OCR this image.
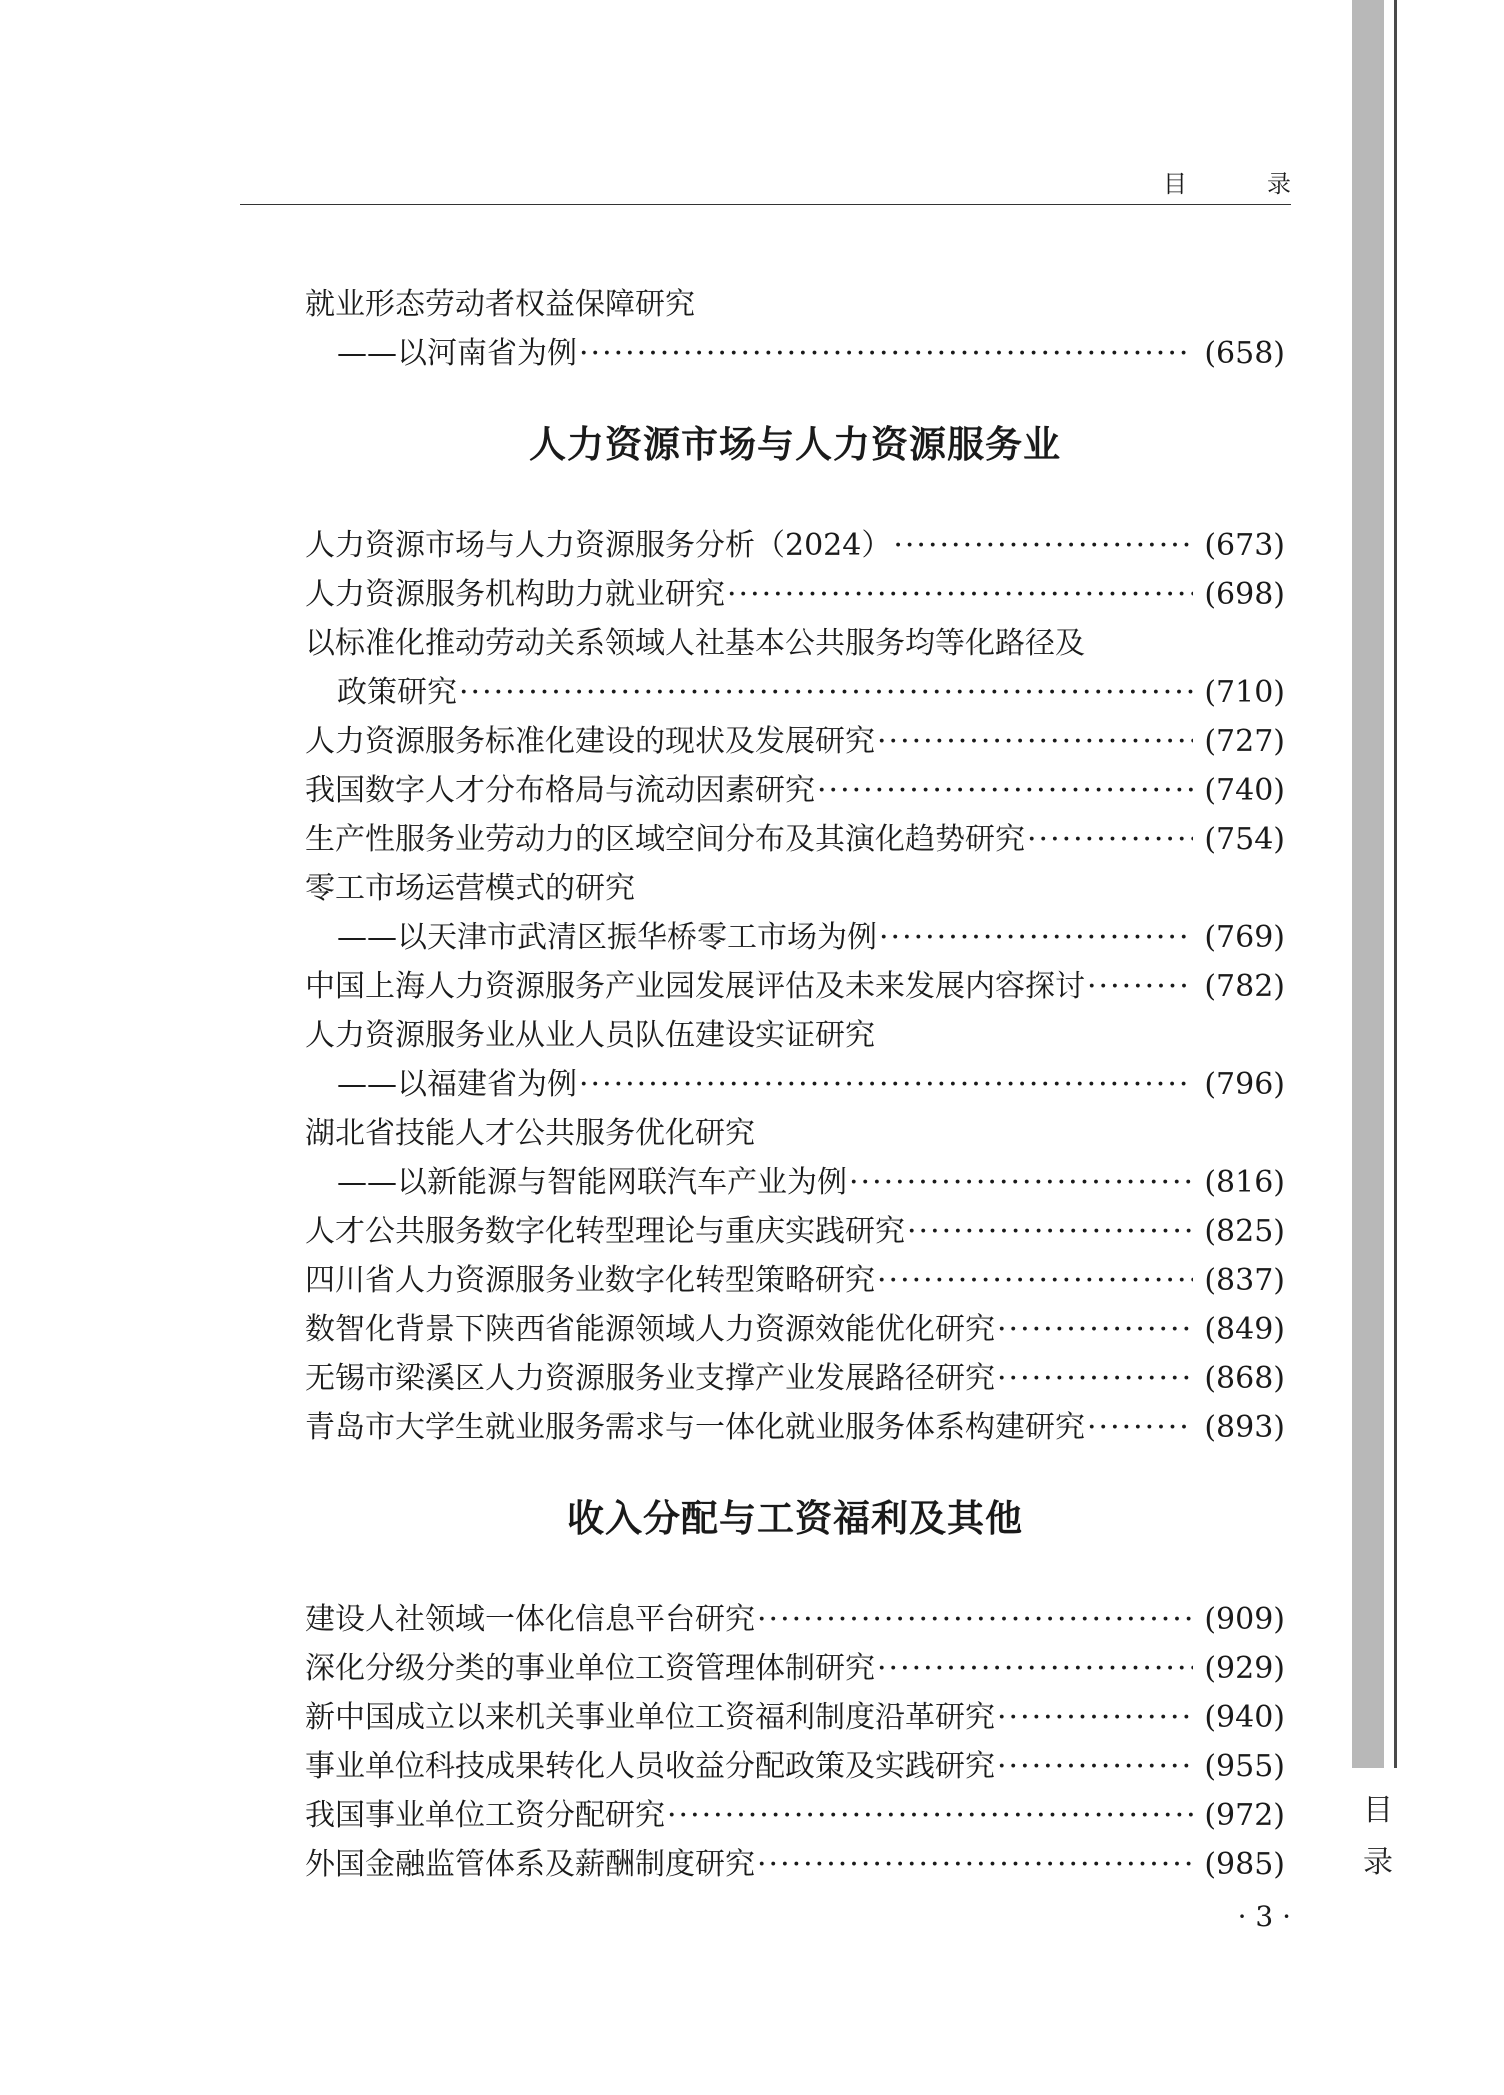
目　录
目
录
就业形态劳动者权益保障研究
——以河南省为例 ·····	(658)
人力资源市场与人力资源服务业
人力资源市场与人力资源服务分析（2024） ·····	(673)
人力资源服务机构助力就业研究 ·····	(698)
以标准化推动劳动关系领域人社基本公共服务均等化路径及
政策研究 ·····	(710)
人力资源服务标准化建设的现状及发展研究 ·····	(727)
我国数字人才分布格局与流动因素研究 ·····	(740)
生产性服务业劳动力的区域空间分布及其演化趋势研究 ·····	(754)
零工市场运营模式的研究
——以天津市武清区振华桥零工市场为例 ·····	(769)
中国上海人力资源服务产业园发展评估及未来发展内容探讨 ·····	(782)
人力资源服务业从业人员队伍建设实证研究
——以福建省为例 ·····	(796)
湖北省技能人才公共服务优化研究
——以新能源与智能网联汽车产业为例 ·····	(816)
人才公共服务数字化转型理论与重庆实践研究 ·····	(825)
四川省人力资源服务业数字化转型策略研究 ·····	(837)
数智化背景下陕西省能源领域人力资源效能优化研究 ·····	(849)
无锡市梁溪区人力资源服务业支撑产业发展路径研究 ·····	(868)
青岛市大学生就业服务需求与一体化就业服务体系构建研究 ·····	(893)
收入分配与工资福利及其他
建设人社领域一体化信息平台研究 ·····	(909)
深化分级分类的事业单位工资管理体制研究 ·····	(929)
新中国成立以来机关事业单位工资福利制度沿革研究 ·····	(940)
事业单位科技成果转化人员收益分配政策及实践研究 ·····	(955)
我国事业单位工资分配研究 ·····	(972)
外国金融监管体系及薪酬制度研究 ·····	(985)
· 3 ·
